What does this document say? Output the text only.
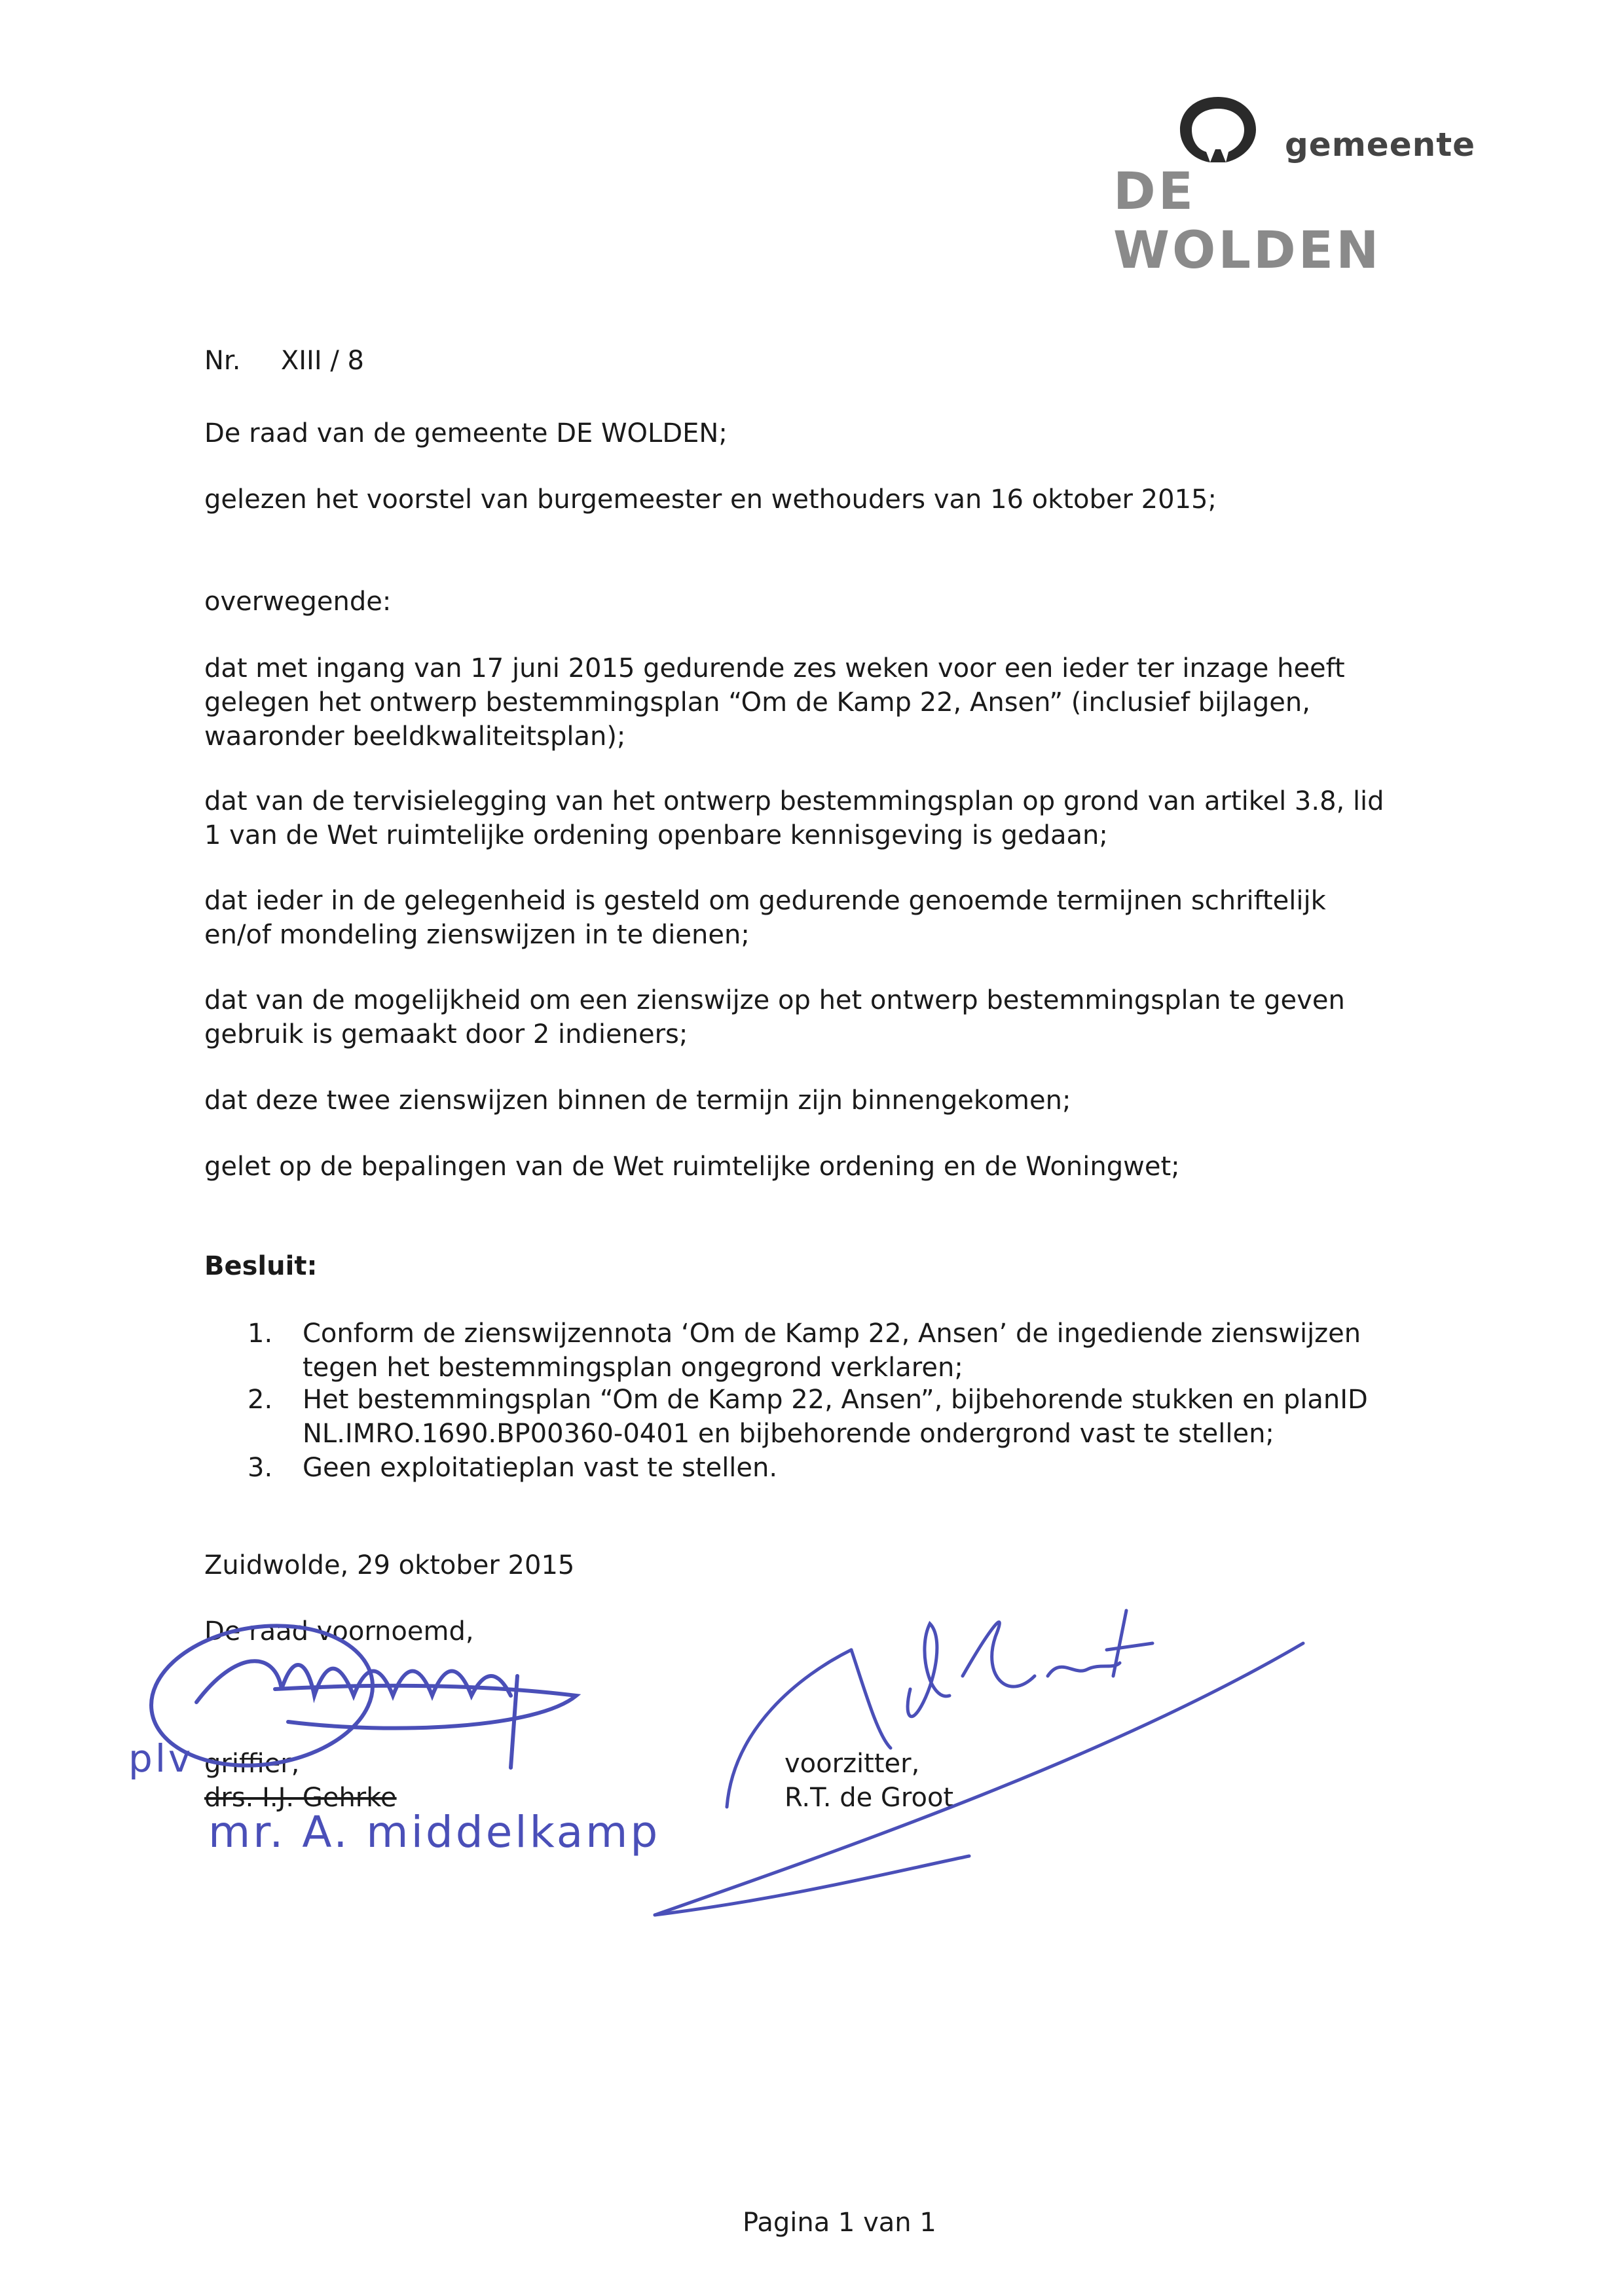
gemeente
DE WOLDEN

Nr. XIII / 8

De raad van de gemeente DE WOLDEN;

gelezen het voorstel van burgemeester en wethouders van 16 oktober 2015;

overwegende:

dat met ingang van 17 juni 2015 gedurende zes weken voor een ieder ter inzage heeft

gelegen het ontwerp bestemmingsplan “Om de Kamp 22, Ansen” (inclusief bijlagen,

waaronder beeldkwaliteitsplan);

dat van de tervisielegging van het ontwerp bestemmingsplan op grond van artikel 3.8, lid

1 van de Wet ruimtelijke ordening openbare kennisgeving is gedaan;

dat ieder in de gelegenheid is gesteld om gedurende genoemde termijnen schriftelijk

en/of mondeling zienswijzen in te dienen;

dat van de mogelijkheid om een zienswijze op het ontwerp bestemmingsplan te geven

gebruik is gemaakt door 2 indieners;

dat deze twee zienswijzen binnen de termijn zijn binnengekomen;

gelet op de bepalingen van de Wet ruimtelijke ordening en de Woningwet;

Besluit:

1. Conform de zienswijzennota ‘Om de Kamp 22, Ansen’ de ingediende zienswijzen

tegen het bestemmingsplan ongegrond verklaren;

2. Het bestemmingsplan “Om de Kamp 22, Ansen”, bijbehorende stukken en planID

NL.IMRO.1690.BP00360-0401 en bijbehorende ondergrond vast te stellen;

3. Geen exploitatieplan vast te stellen.

Zuidwolde, 29 oktober 2015

De raad voornoemd,

griffier,

drs. I.J. Gehrke

voorzitter,

R.T. de Groot

plv
mr. A. middelkamp
Pagina 1 van 1
